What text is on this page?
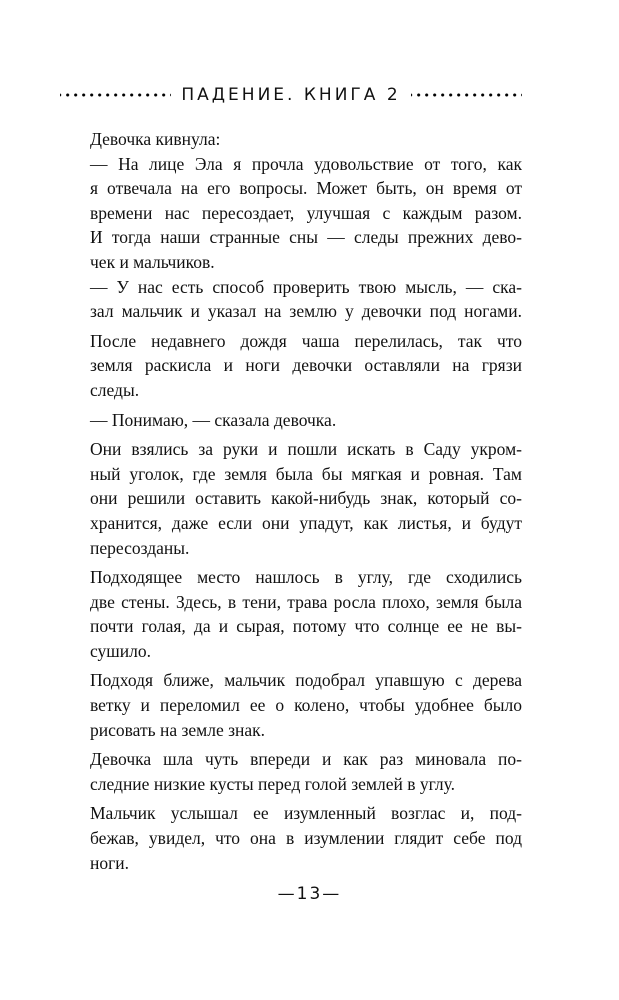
ПАДЕНИЕ. КНИГА 2
Девочка кивнула:
— На лице Эла я прочла удовольствие от того, как
я отвечала на его вопросы. Может быть, он время от
времени нас пересоздает, улучшая с каждым разом.
И тогда наши странные сны — следы прежних дево-
чек и мальчиков.
— У нас есть способ проверить твою мысль, — ска-
зал мальчик и указал на землю у девочки под ногами.
После недавнего дождя чаша перелилась, так что
земля раскисла и ноги девочки оставляли на грязи
следы.
— Понимаю, — сказала девочка.
Они взялись за руки и пошли искать в Саду укром-
ный уголок, где земля была бы мягкая и ровная. Там
они решили оставить какой-нибудь знак, который со-
хранится, даже если они упадут, как листья, и будут
пересозданы.
Подходящее место нашлось в углу, где сходились
две стены. Здесь, в тени, трава росла плохо, земля была
почти голая, да и сырая, потому что солнце ее не вы-
сушило.
Подходя ближе, мальчик подобрал упавшую с дерева
ветку и переломил ее о колено, чтобы удобнее было
рисовать на земле знак.
Девочка шла чуть впереди и как раз миновала по-
следние низкие кусты перед голой землей в углу.
Мальчик услышал ее изумленный возглас и, под-
бежав, увидел, что она в изумлении глядит себе под
ноги.
—13—
